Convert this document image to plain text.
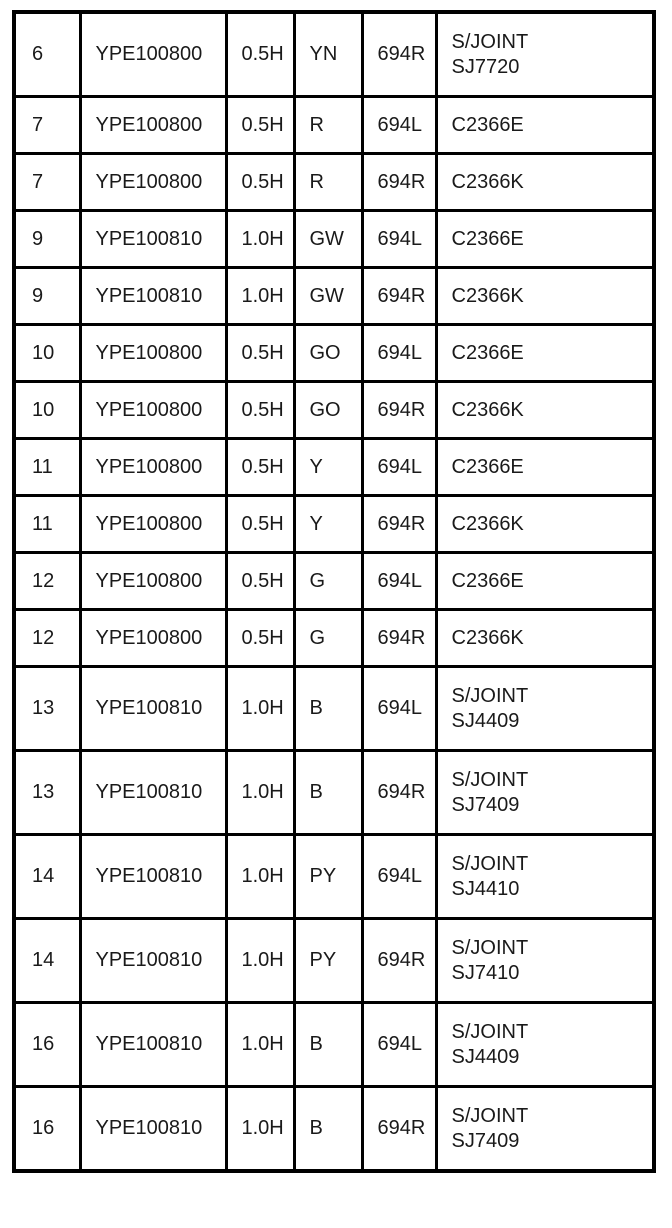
6	YPE100800	0.5H	YN	694R	S/JOINT
SJ7720

7	YPE100800	0.5H	R	694L	C2366E

7	YPE100800	0.5H	R	694R	C2366K

9	YPE100810	1.0H	GW	694L	C2366E

9	YPE100810	1.0H	GW	694R	C2366K

10	YPE100800	0.5H	GO	694L	C2366E

10	YPE100800	0.5H	GO	694R	C2366K

11	YPE100800	0.5H	Y	694L	C2366E

11	YPE100800	0.5H	Y	694R	C2366K

12	YPE100800	0.5H	G	694L	C2366E

12	YPE100800	0.5H	G	694R	C2366K

13	YPE100810	1.0H	B	694L	S/JOINT
SJ4409

13	YPE100810	1.0H	B	694R	S/JOINT
SJ7409

14	YPE100810	1.0H	PY	694L	S/JOINT
SJ4410

14	YPE100810	1.0H	PY	694R	S/JOINT
SJ7410

16	YPE100810	1.0H	B	694L	S/JOINT
SJ4409

16	YPE100810	1.0H	B	694R	S/JOINT
SJ7409
